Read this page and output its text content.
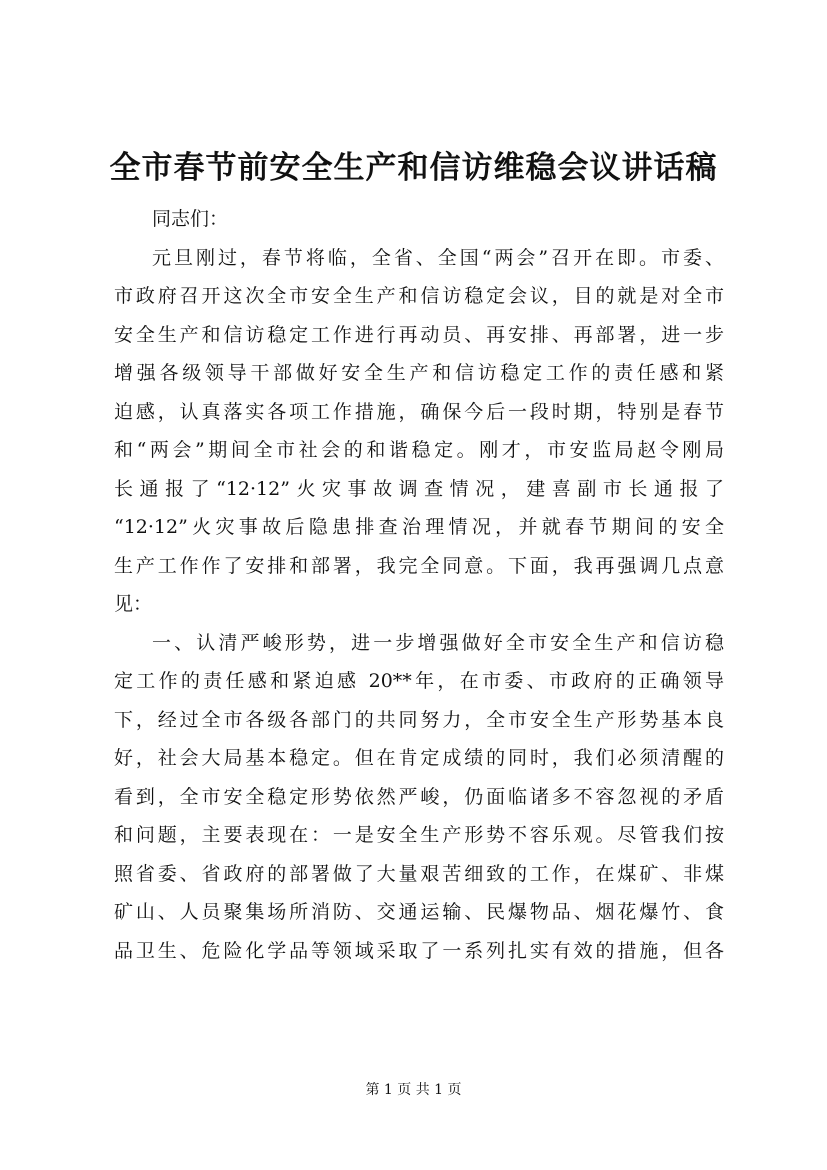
全市春节前安全生产和信访维稳会议讲话稿
同志们：
元旦刚过，春节将临，全省、全国“两会”召开在即。市委、
市政府召开这次全市安全生产和信访稳定会议，目的就是对全市
安全生产和信访稳定工作进行再动员、再安排、再部署，进一步
增强各级领导干部做好安全生产和信访稳定工作的责任感和紧
迫感，认真落实各项工作措施，确保今后一段时期，特别是春节
和“两会”期间全市社会的和谐稳定。刚才，市安监局赵令刚局
长通报了“12·12”火灾事故调查情况，建喜副市长通报了
“12·12”火灾事故后隐患排查治理情况，并就春节期间的安全
生产工作作了安排和部署，我完全同意。下面，我再强调几点意
见：
一、认清严峻形势，进一步增强做好全市安全生产和信访稳
定工作的责任感和紧迫感 20**年，在市委、市政府的正确领导
下，经过全市各级各部门的共同努力，全市安全生产形势基本良
好，社会大局基本稳定。但在肯定成绩的同时，我们必须清醒的
看到，全市安全稳定形势依然严峻，仍面临诸多不容忽视的矛盾
和问题，主要表现在：一是安全生产形势不容乐观。尽管我们按
照省委、省政府的部署做了大量艰苦细致的工作，在煤矿、非煤
矿山、人员聚集场所消防、交通运输、民爆物品、烟花爆竹、食
品卫生、危险化学品等领域采取了一系列扎实有效的措施，但各
第 1 页 共 1 页
